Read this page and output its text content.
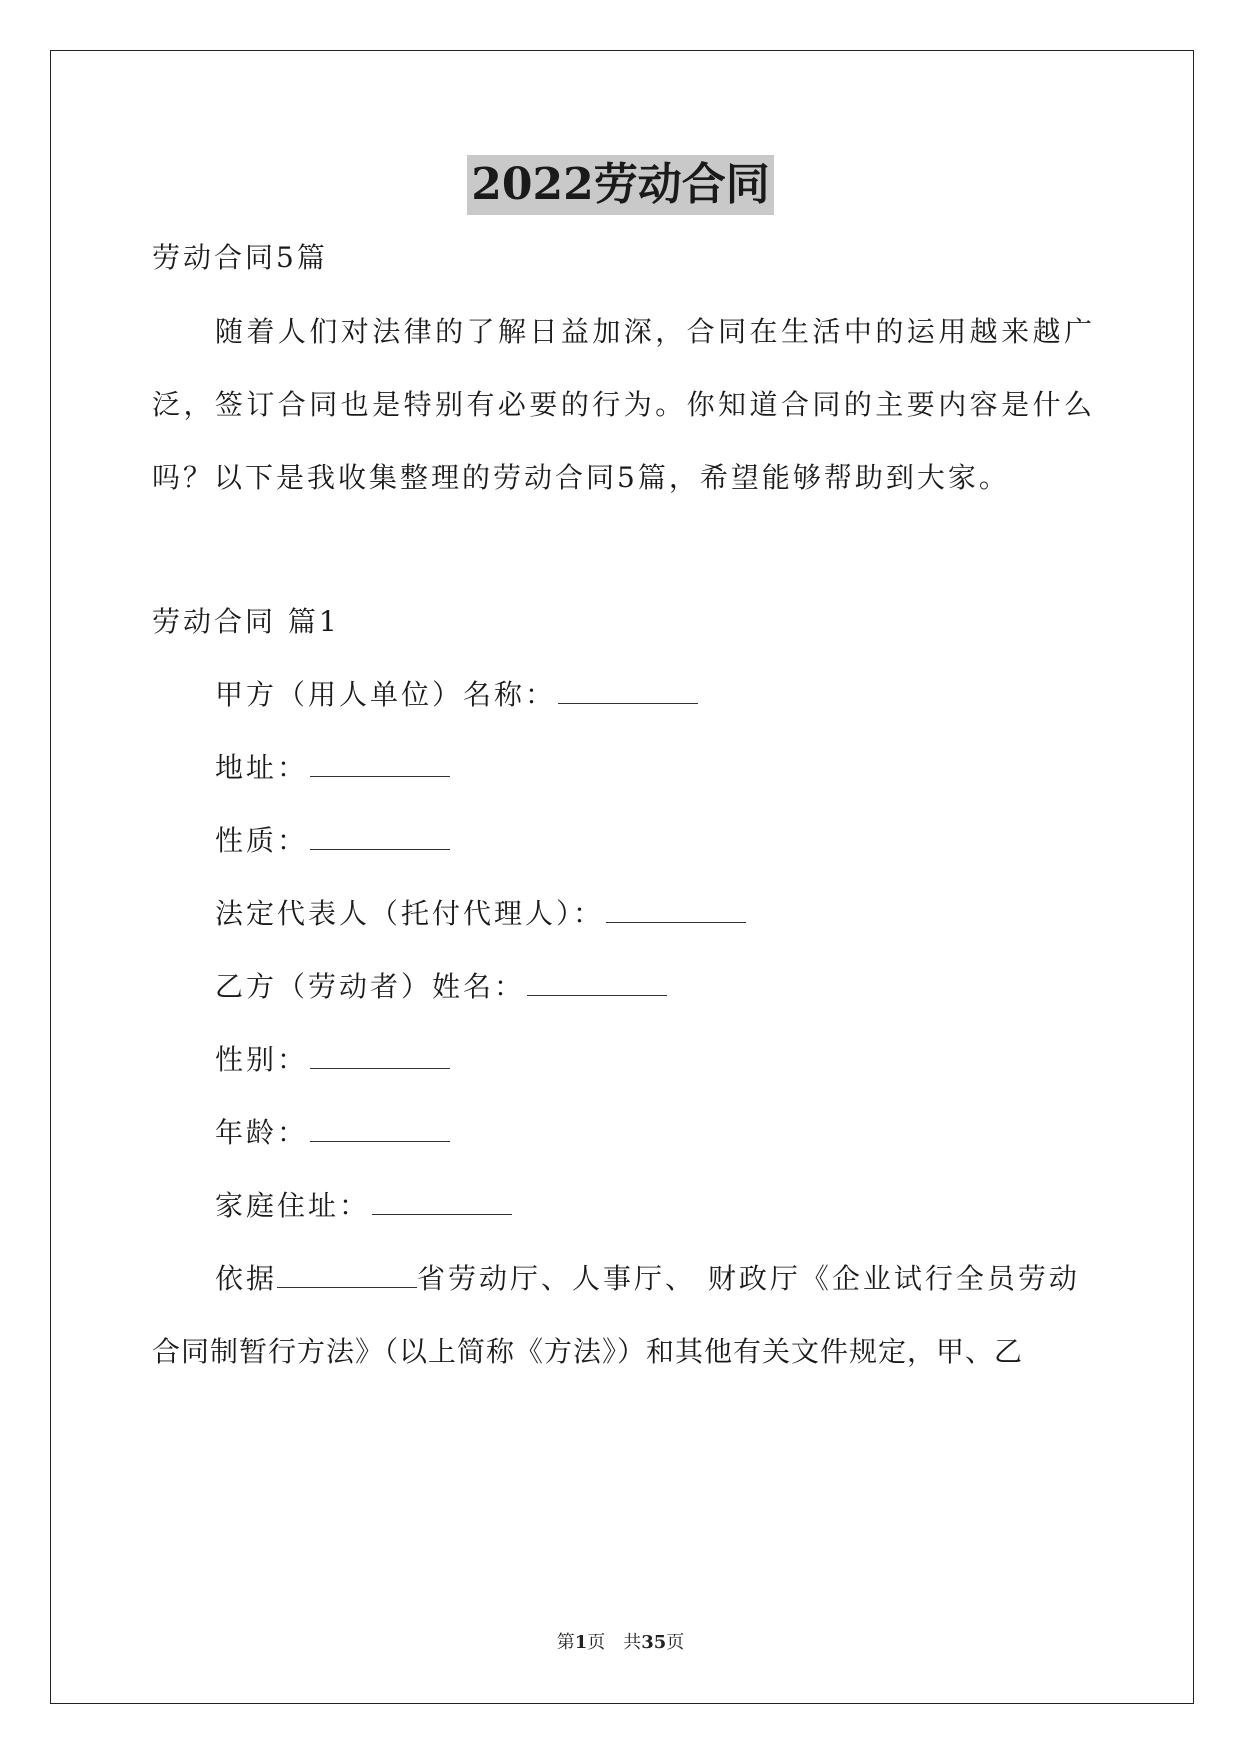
2022劳动合同
劳动合同5篇
随着人们对法律的了解日益加深，合同在生活中的运用越来越广
泛，签订合同也是特别有必要的行为。你知道合同的主要内容是什么
吗？以下是我收集整理的劳动合同5篇，希望能够帮助到大家。
劳动合同 篇1
甲方（用人单位）名称：
地址：
性质：
法定代表人（托付代理人）：
乙方（劳动者）姓名：
性别：
年龄：
家庭住址：
依据	省劳动厅、人事厅、 财政厅《企业试行全员劳动
合同制暂行方法》（以上简称《方法》）和其他有关文件规定，甲、乙
第1页　共35页
